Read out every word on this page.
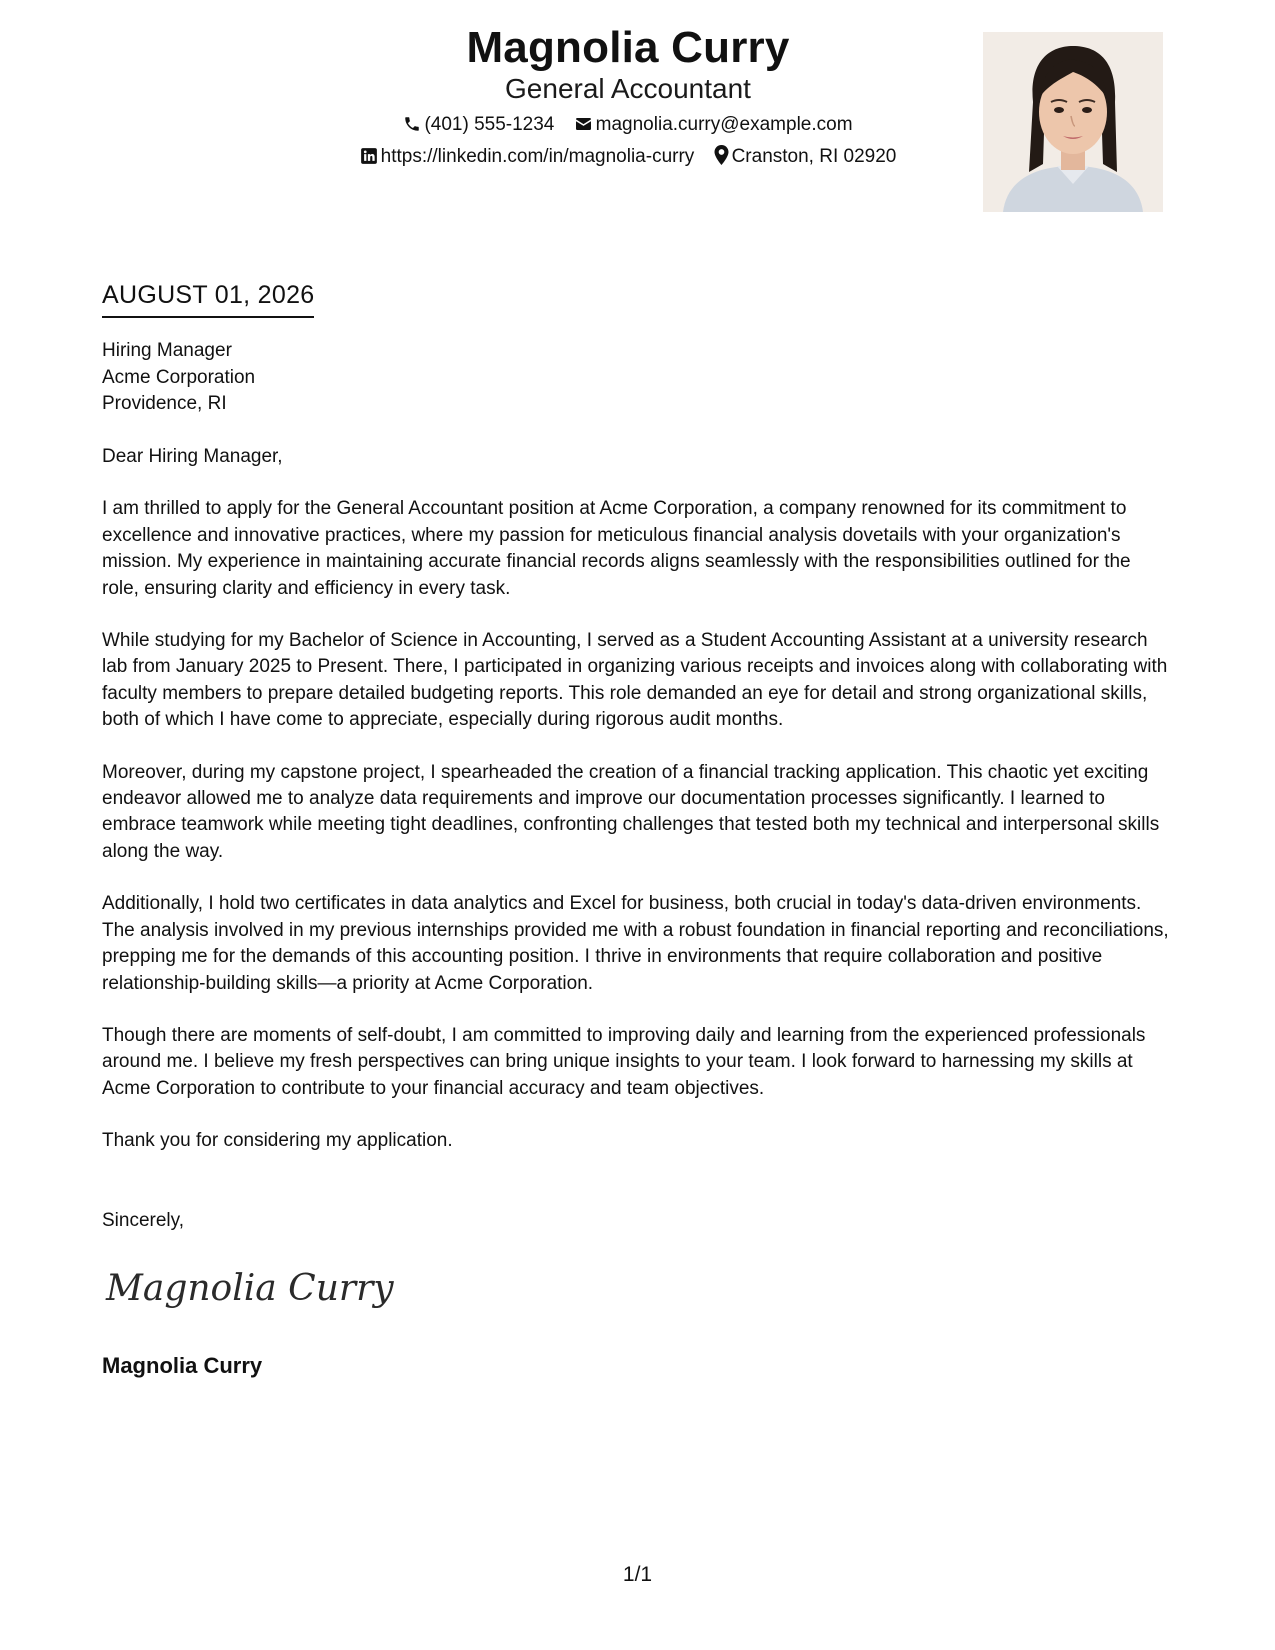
Magnolia Curry
General Accountant
(401) 555-1234 magnolia.curry@example.com
https://linkedin.com/in/magnolia-curry Cranston, RI 02920
AUGUST 01, 2026
Hiring Manager
Acme Corporation
Providence, RI

Dear Hiring Manager,

I am thrilled to apply for the General Accountant position at Acme Corporation, a company renowned for its commitment to excellence and innovative practices, where my passion for meticulous financial analysis dovetails with your organization's mission. My experience in maintaining accurate financial records aligns seamlessly with the responsibilities outlined for the role, ensuring clarity and efficiency in every task.

While studying for my Bachelor of Science in Accounting, I served as a Student Accounting Assistant at a university research lab from January 2025 to Present. There, I participated in organizing various receipts and invoices along with collaborating with faculty members to prepare detailed budgeting reports. This role demanded an eye for detail and strong organizational skills, both of which I have come to appreciate, especially during rigorous audit months.

Moreover, during my capstone project, I spearheaded the creation of a financial tracking application. This chaotic yet exciting endeavor allowed me to analyze data requirements and improve our documentation processes significantly. I learned to embrace teamwork while meeting tight deadlines, confronting challenges that tested both my technical and interpersonal skills along the way.

Additionally, I hold two certificates in data analytics and Excel for business, both crucial in today's data-driven environments. The analysis involved in my previous internships provided me with a robust foundation in financial reporting and reconciliations, prepping me for the demands of this accounting position. I thrive in environments that require collaboration and positive relationship-building skills—a priority at Acme Corporation.

Though there are moments of self-doubt, I am committed to improving daily and learning from the experienced professionals around me. I believe my fresh perspectives can bring unique insights to your team. I look forward to harnessing my skills at Acme Corporation to contribute to your financial accuracy and team objectives.

Thank you for considering my application.

Sincerely,
Magnolia Curry
Magnolia Curry
1/1
